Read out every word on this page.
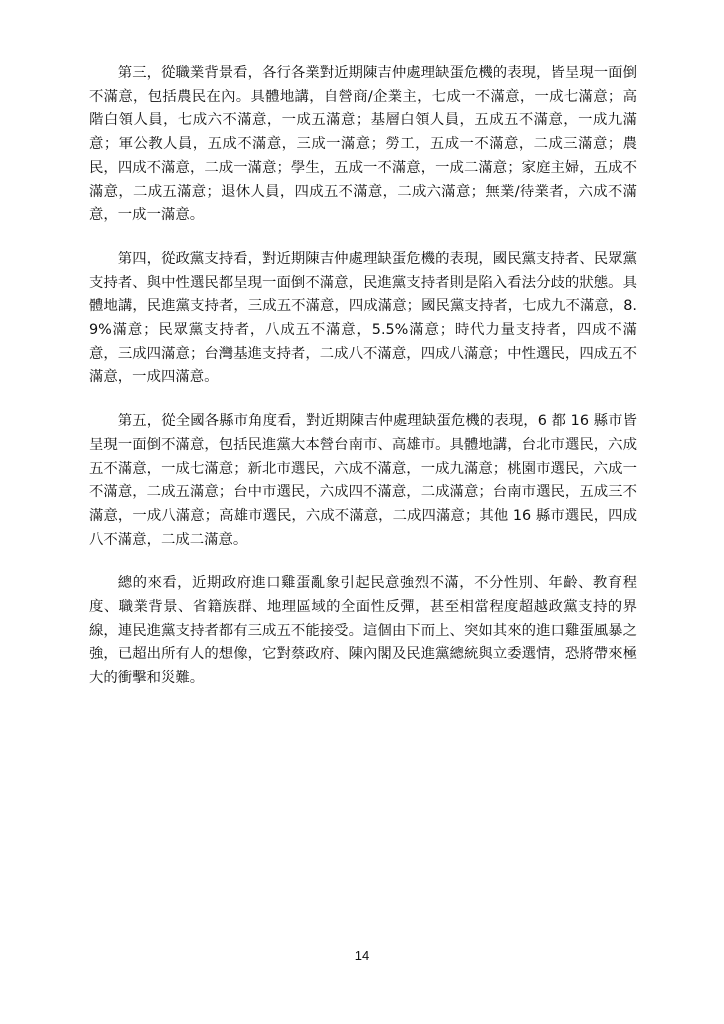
第三，從職業背景看，各行各業對近期陳吉仲處理缺蛋危機的表現，皆呈現一面倒不滿意，包括農民在內。具體地講，自營商/企業主，七成一不滿意，一成七滿意；高階白領人員，七成六不滿意，一成五滿意；基層白領人員，五成五不滿意，一成九滿意；軍公教人員，五成不滿意，三成一滿意；勞工，五成一不滿意，二成三滿意；農民，四成不滿意，二成一滿意；學生，五成一不滿意，一成二滿意；家庭主婦，五成不滿意，二成五滿意；退休人員，四成五不滿意，二成六滿意；無業/待業者，六成不滿意，一成一滿意。

第四，從政黨支持看，對近期陳吉仲處理缺蛋危機的表現，國民黨支持者、民眾黨支持者、與中性選民都呈現一面倒不滿意，民進黨支持者則是陷入看法分歧的狀態。具體地講，民進黨支持者，三成五不滿意，四成滿意；國民黨支持者，七成九不滿意，8.9%滿意；民眾黨支持者，八成五不滿意，5.5%滿意；時代力量支持者，四成不滿意，三成四滿意；台灣基進支持者，二成八不滿意，四成八滿意；中性選民，四成五不滿意，一成四滿意。

第五，從全國各縣市角度看，對近期陳吉仲處理缺蛋危機的表現，6 都 16 縣市皆呈現一面倒不滿意，包括民進黨大本營台南市、高雄市。具體地講，台北市選民，六成五不滿意，一成七滿意；新北市選民，六成不滿意，一成九滿意；桃園市選民，六成一不滿意，二成五滿意；台中市選民，六成四不滿意，二成滿意；台南市選民，五成三不滿意，一成八滿意；高雄市選民，六成不滿意，二成四滿意；其他 16 縣市選民，四成八不滿意，二成二滿意。

總的來看，近期政府進口雞蛋亂象引起民意強烈不滿，不分性別、年齡、教育程度、職業背景、省籍族群、地理區域的全面性反彈，甚至相當程度超越政黨支持的界線，連民進黨支持者都有三成五不能接受。這個由下而上、突如其來的進口雞蛋風暴之強，已超出所有人的想像，它對蔡政府、陳內閣及民進黨總統與立委選情，恐將帶來極大的衝擊和災難。

14
